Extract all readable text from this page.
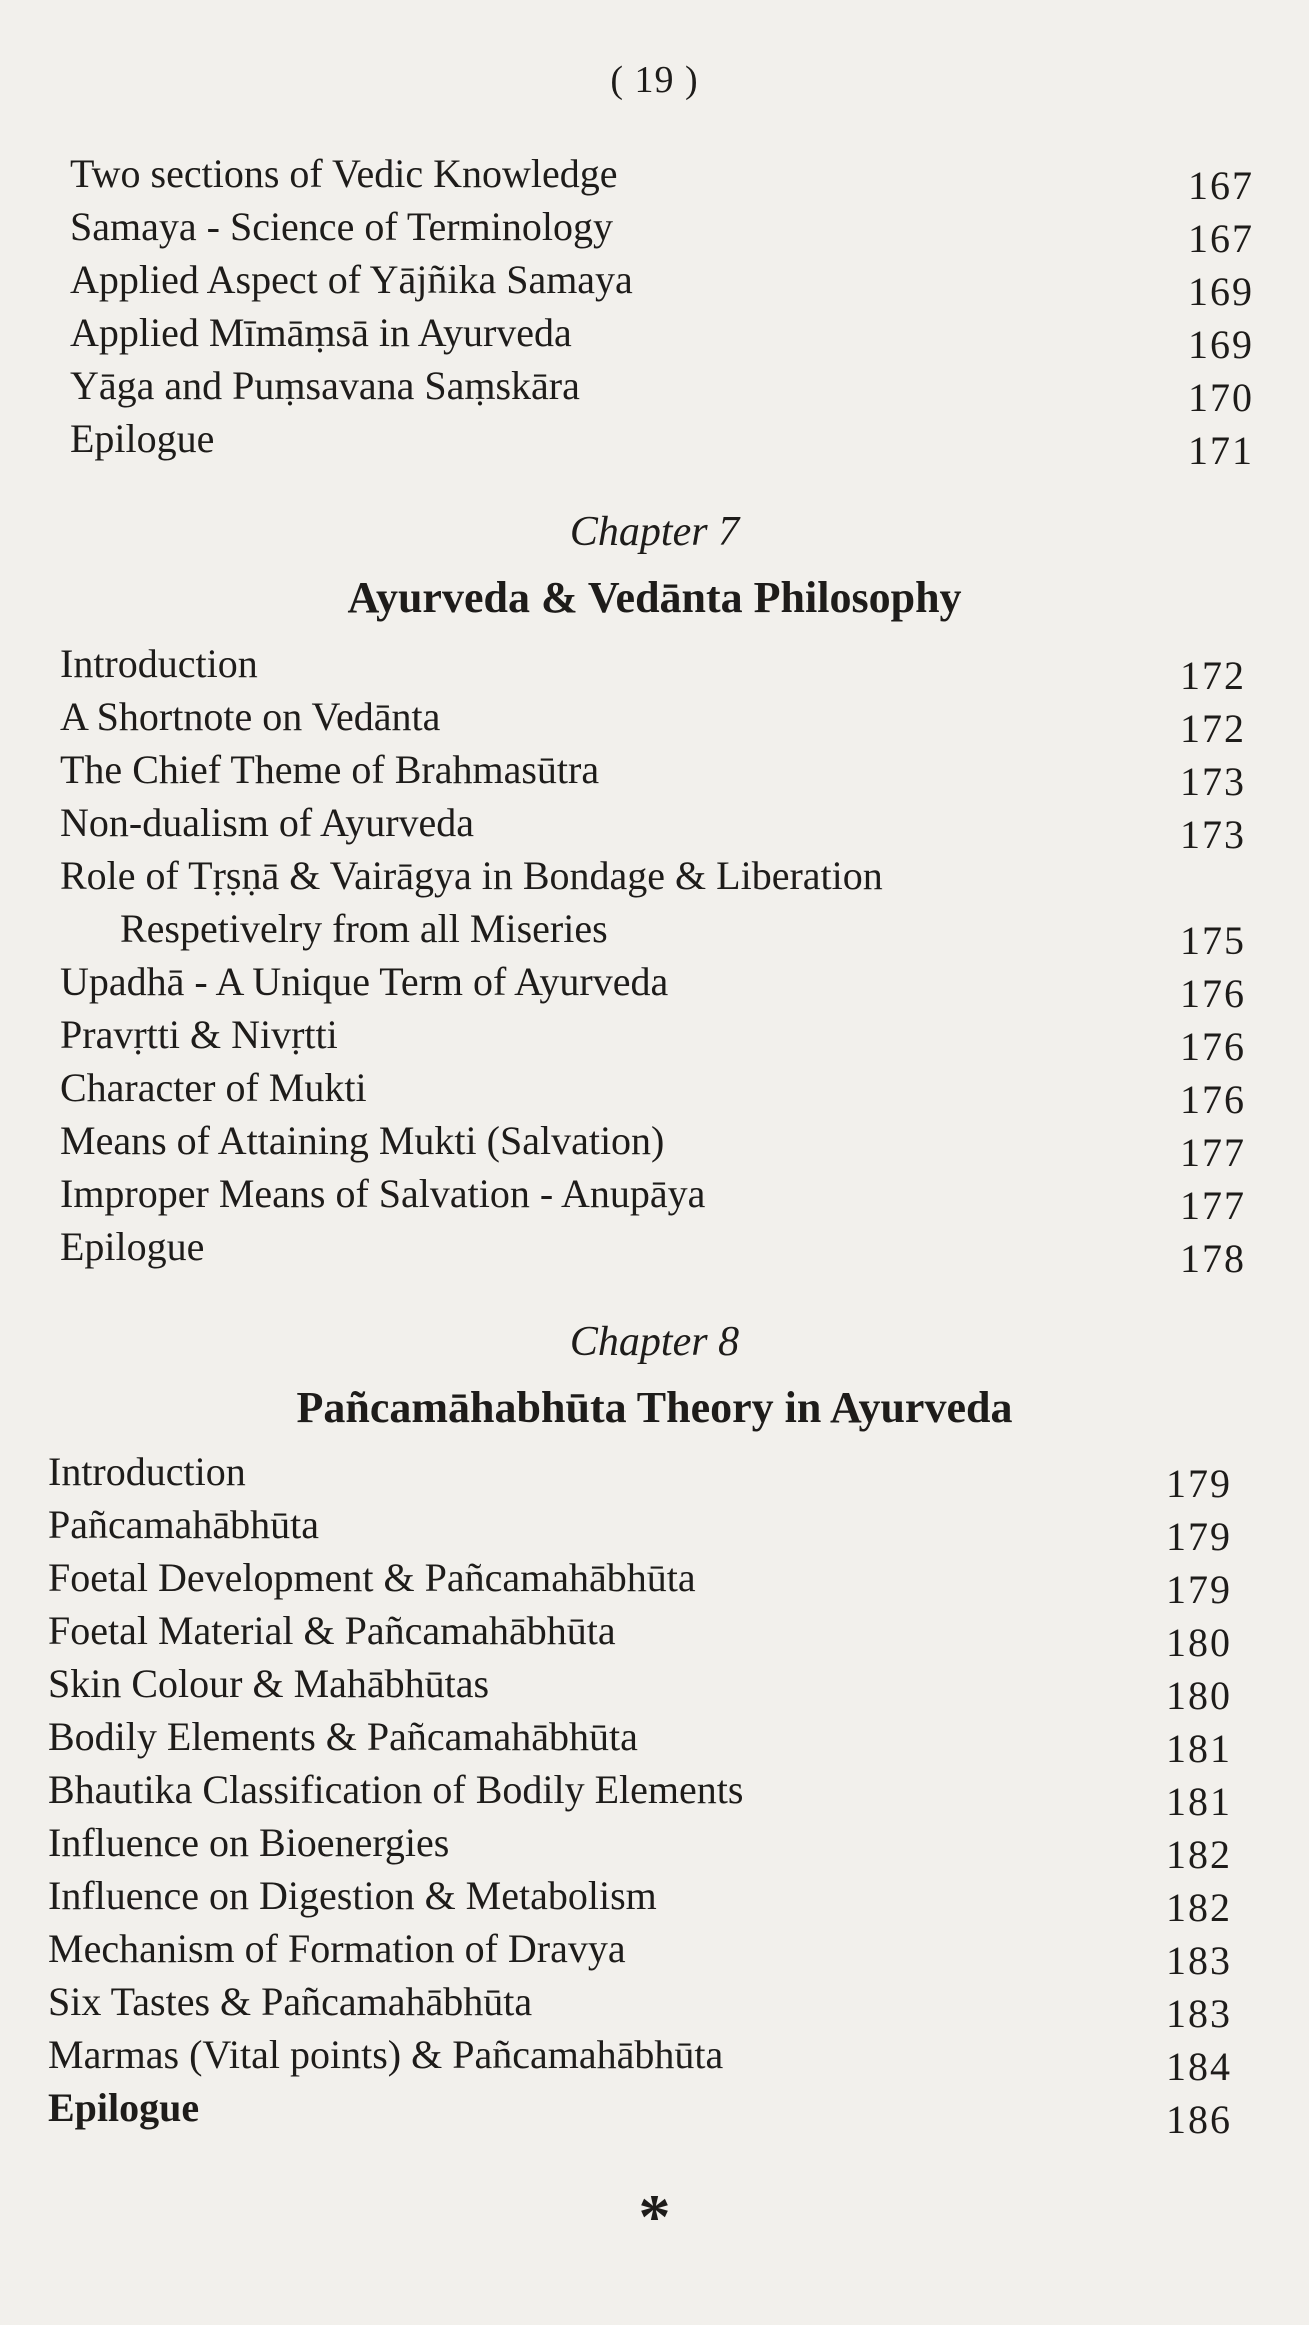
( 19 )
Two sections of Vedic Knowledge	167
Samaya - Science of Terminology	167
Applied Aspect of Yājñika Samaya	169
Applied Mīmāṃsā in Ayurveda	169
Yāga and Puṃsavana Saṃskāra	170
Epilogue	171
Chapter 7
Ayurveda & Vedānta Philosophy
Introduction	172
A Shortnote on Vedānta	172
The Chief Theme of Brahmasūtra	173
Non-dualism of Ayurveda	173
Role of Tṛṣṇā & Vairāgya in Bondage & Liberation
Respetivelry from all Miseries	175
Upadhā - A Unique Term of Ayurveda	176
Pravṛtti & Nivṛtti	176
Character of Mukti	176
Means of Attaining Mukti (Salvation)	177
Improper Means of Salvation - Anupāya	177
Epilogue	178
Chapter 8
Pañcamāhabhūta Theory in Ayurveda
Introduction	179
Pañcamahābhūta	179
Foetal Development & Pañcamahābhūta	179
Foetal Material & Pañcamahābhūta	180
Skin Colour & Mahābhūtas	180
Bodily Elements & Pañcamahābhūta	181
Bhautika Classification of Bodily Elements	181
Influence on Bioenergies	182
Influence on Digestion & Metabolism	182
Mechanism of Formation of Dravya	183
Six Tastes & Pañcamahābhūta	183
Marmas (Vital points) & Pañcamahābhūta	184
Epilogue	186
*
